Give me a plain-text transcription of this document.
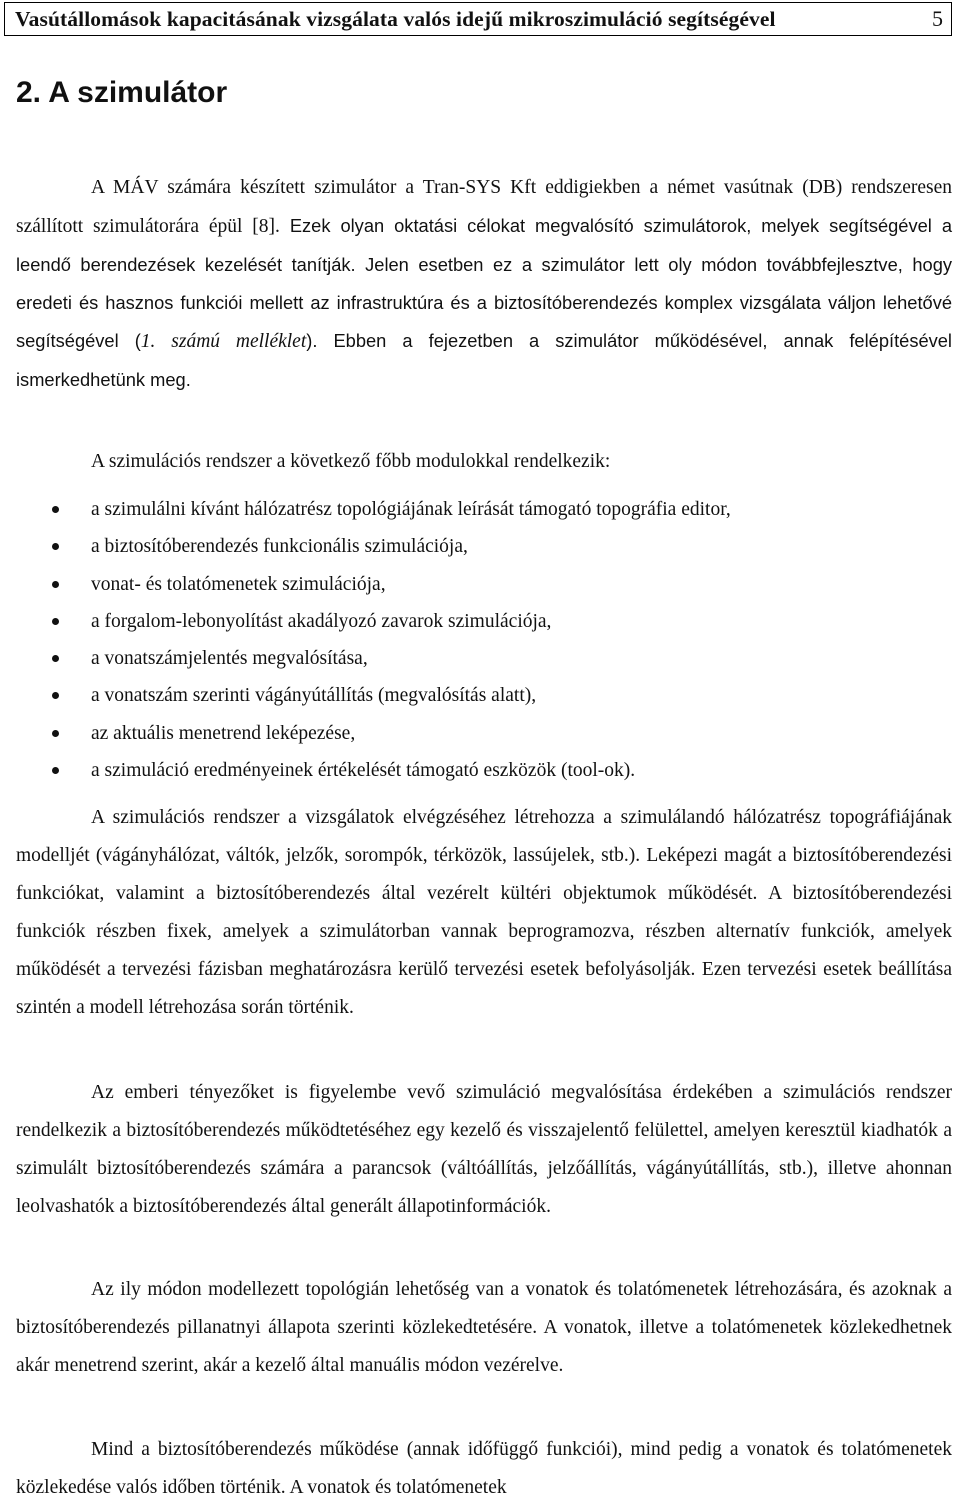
Vasútállomások kapacitásának vizsgálata valós idejű mikroszimuláció segítségével	5
2. A szimulátor

A MÁV számára készített szimulátor a Tran-SYS Kft eddigiekben a német vasútnak (DB) rendszeresen szállított szimulátorára épül [8]. Ezek olyan oktatási célokat megvalósító szimulátorok, melyek segítségével a leendő berendezések kezelését tanítják. Jelen esetben ez a szimulátor lett oly módon továbbfejlesztve, hogy eredeti és hasznos funkciói mellett az infrastruktúra és a biztosítóberendezés komplex vizsgálata váljon lehetővé segítségével (1. számú melléklet). Ebben a fejezetben a szimulátor működésével, annak felépítésével ismerkedhetünk meg.

A szimulációs rendszer a következő főbb modulokkal rendelkezik:

a szimulálni kívánt hálózatrész topológiájának leírását támogató topográfia editor,
a biztosítóberendezés funkcionális szimulációja,
vonat- és tolatómenetek szimulációja,
a forgalom-lebonyolítást akadályozó zavarok szimulációja,
a vonatszámjelentés megvalósítása,
a vonatszám szerinti vágányútállítás (megvalósítás alatt),
az aktuális menetrend leképezése,
a szimuláció eredményeinek értékelését támogató eszközök (tool-ok).

A szimulációs rendszer a vizsgálatok elvégzéséhez létrehozza a szimulálandó hálózatrész topográfiájának modelljét (vágányhálózat, váltók, jelzők, sorompók, térközök, lassújelek, stb.). Leképezi magát a biztosítóberendezési funkciókat, valamint a biztosítóberendezés által vezérelt kültéri objektumok működését. A biztosítóberendezési funkciók részben fixek, amelyek a szimulátorban vannak beprogramozva, részben alternatív funkciók, amelyek működését a tervezési fázisban meghatározásra kerülő tervezési esetek befolyásolják. Ezen tervezési esetek beállítása szintén a modell létrehozása során történik.

Az emberi tényezőket is figyelembe vevő szimuláció megvalósítása érdekében a szimulációs rendszer rendelkezik a biztosítóberendezés működtetéséhez egy kezelő és visszajelentő felülettel, amelyen keresztül kiadhatók a szimulált biztosítóberendezés számára a parancsok (váltóállítás, jelzőállítás, vágányútállítás, stb.), illetve ahonnan leolvashatók a biztosítóberendezés által generált állapotinformációk.

Az ily módon modellezett topológián lehetőség van a vonatok és tolatómenetek létrehozására, és azoknak a biztosítóberendezés pillanatnyi állapota szerinti közlekedtetésére. A vonatok, illetve a tolatómenetek közlekedhetnek akár menetrend szerint, akár a kezelő által manuális módon vezérelve.

Mind a biztosítóberendezés működése (annak időfüggő funkciói), mind pedig a vonatok és tolatómenetek közlekedése valós időben történik. A vonatok és tolatómenetek
